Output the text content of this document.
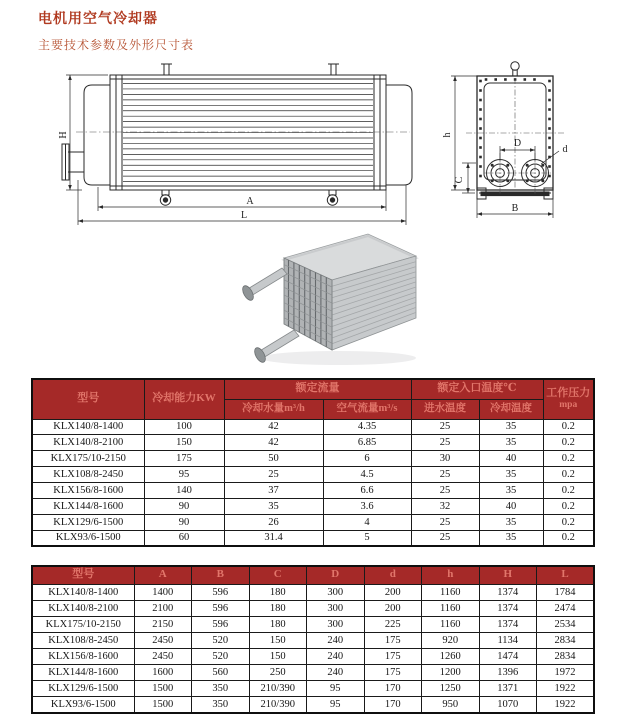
电机用空气冷却器
主要技术参数及外形尺寸表
H
A
L
h
D
d
C
B
型号	冷却能力KW	额定流量		额定入口温度℃		工作压力
mpa

		冷却水量m³/h	空气流量m³/s	进水温度	冷却温度	
KLX140/8-1400	100	42	4.35	25	35	0.2
KLX140/8-2100	150	42	6.85	25	35	0.2
KLX175/10-2150	175	50	6	30	40	0.2
KLX108/8-2450	95	25	4.5	25	35	0.2
KLX156/8-1600	140	37	6.6	25	35	0.2
KLX144/8-1600	90	35	3.6	32	40	0.2
KLX129/6-1500	90	26	4	25	35	0.2
KLX93/6-1500	60	31.4	5	25	35	0.2
型号	A	B	C	D	d	h	H	L
KLX140/8-1400	1400	596	180	300	200	1160	1374	1784
KLX140/8-2100	2100	596	180	300	200	1160	1374	2474
KLX175/10-2150	2150	596	180	300	225	1160	1374	2534
KLX108/8-2450	2450	520	150	240	175	920	1134	2834
KLX156/8-1600	2450	520	150	240	175	1260	1474	2834
KLX144/8-1600	1600	560	250	240	175	1200	1396	1972
KLX129/6-1500	1500	350	210/390	95	170	1250	1371	1922
KLX93/6-1500	1500	350	210/390	95	170	950	1070	1922
